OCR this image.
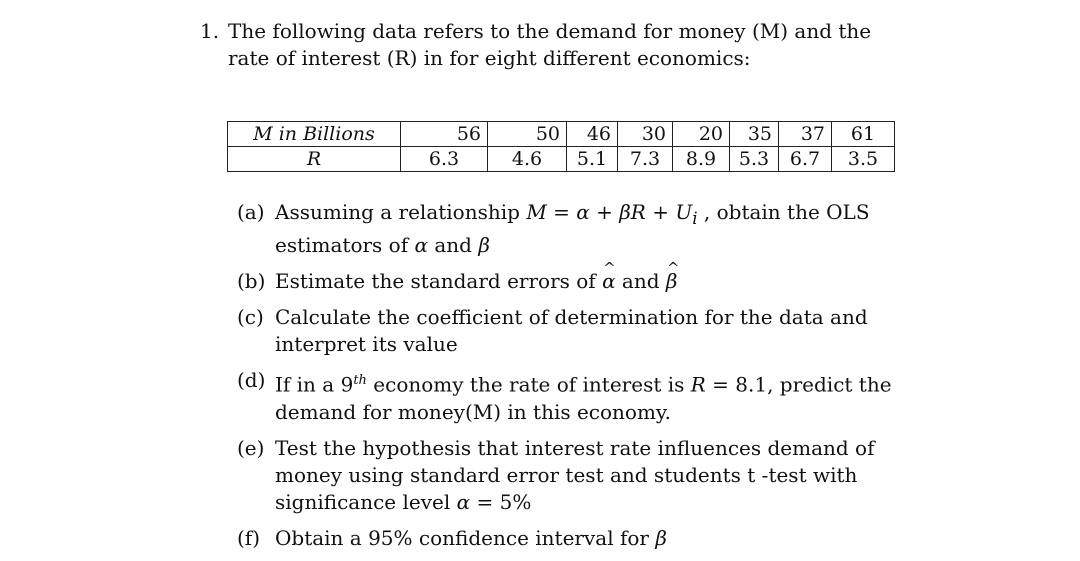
1. The following data refers to the demand for money (M) and the rate of interest (R) in for eight different economics:
M in Billions	56	50	46	30	20	35	37	61
R	6.3	4.6	5.1	7.3	8.9	5.3	6.7	3.5
(a) Assuming a relationship $M = \alpha + \beta R + U_i$ , obtain the OLS estimators of α and β
(b) Estimate the standard errors of ^ α and ^ β
(c) Calculate the coefficient of determination for the data and interpret its value
(d) If in a 9th economy the rate of interest is R = 8.1, predict the demand for money(M) in this economy.
(e) Test the hypothesis that interest rate influences demand of money using standard error test and students t -test with significance level α = 5%
(f) Obtain a 95% confidence interval for β
